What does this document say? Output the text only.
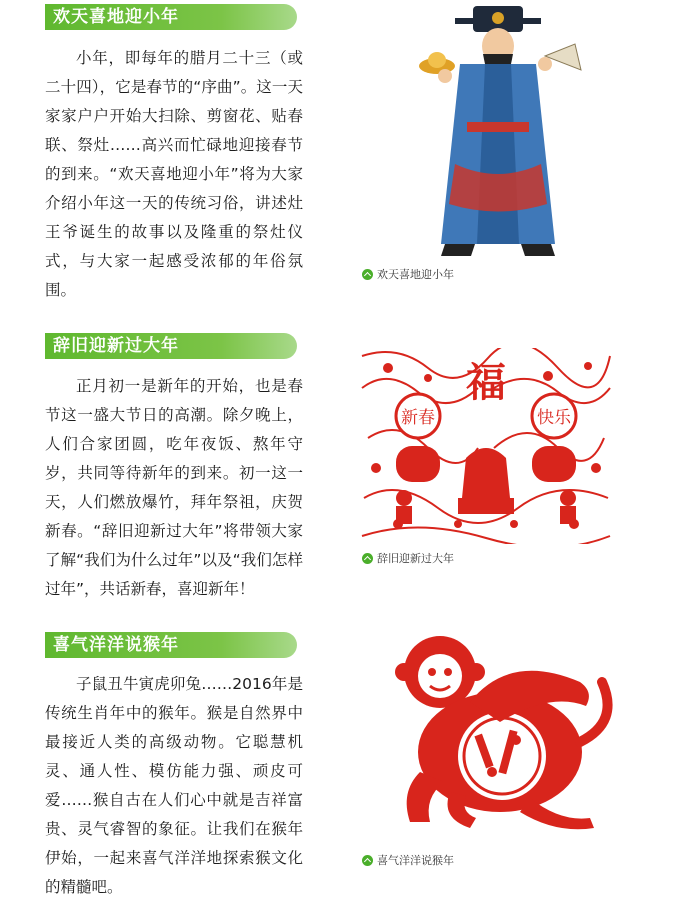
欢天喜地迎小年
小年，即每年的腊月二十三（或二十四），它是春节的“序曲”。这一天家家户户开始大扫除、剪窗花、贴春联、祭灶……高兴而忙碌地迎接春节的到来。“欢天喜地迎小年”将为大家介绍小年这一天的传统习俗，讲述灶王爷诞生的故事以及隆重的祭灶仪式，与大家一起感受浓郁的年俗氛围。
欢天喜地迎小年
辞旧迎新过大年
正月初一是新年的开始，也是春节这一盛大节日的高潮。除夕晚上，人们合家团圆，吃年夜饭、熬年守岁，共同等待新年的到来。初一这一天，人们燃放爆竹，拜年祭祖，庆贺新春。“辞旧迎新过大年”将带领大家了解“我们为什么过年”以及“我们怎样过年”，共话新春，喜迎新年！
福
新春	快乐
辞旧迎新过大年
喜气洋洋说猴年
子鼠丑牛寅虎卯兔……2016年是传统生肖年中的猴年。猴是自然界中最接近人类的高级动物。它聪慧机灵、通人性、模仿能力强、顽皮可爱……猴自古在人们心中就是吉祥富贵、灵气睿智的象征。让我们在猴年伊始，一起来喜气洋洋地探索猴文化的精髓吧。
喜气洋洋说猴年
